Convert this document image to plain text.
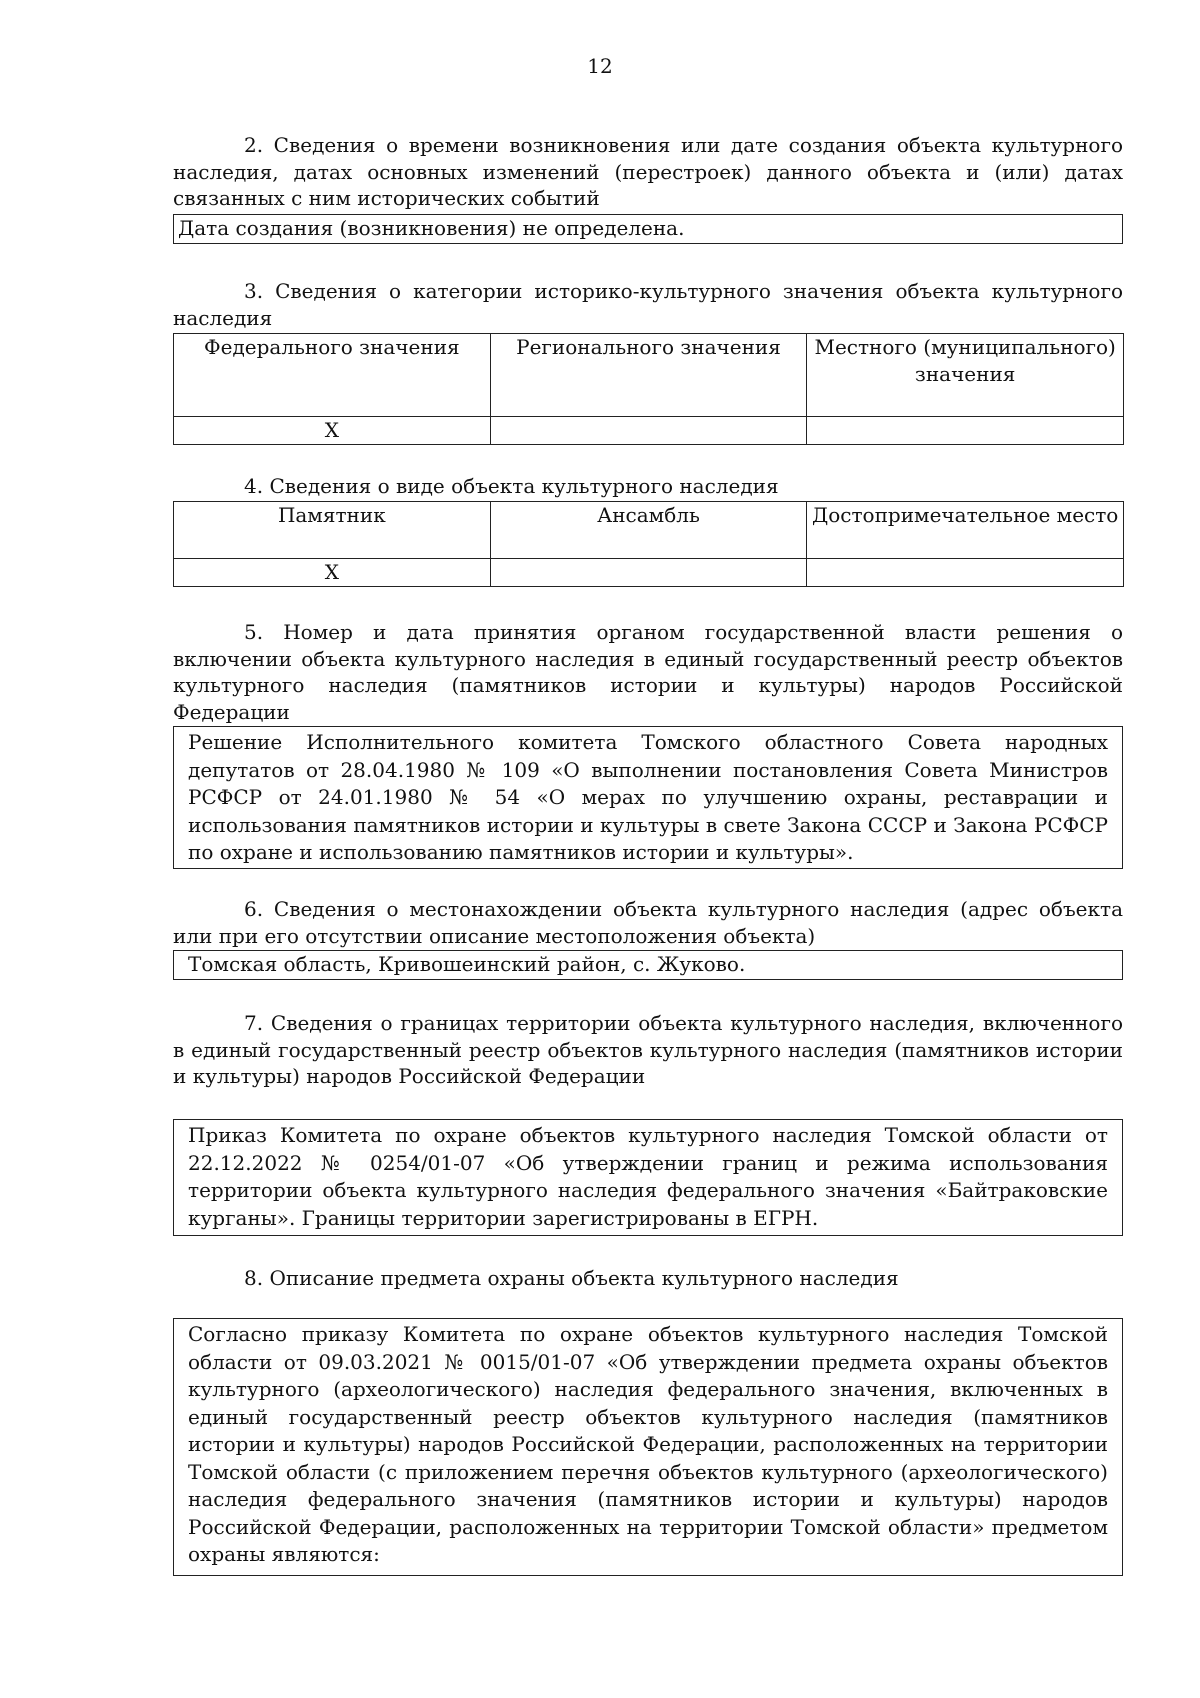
12

2. Сведения о времени возникновения или дате создания объекта культурного наследия, датах основных изменений (перестроек) данного объекта и (или) датах связанных с ним исторических событий

Дата создания (возникновения) не определена.

3. Сведения о категории историко-культурного значения объекта культурного наследия

Федерального значения	Регионального значения	Местного (муниципального) значения
X		

4. Сведения о виде объекта культурного наследия

Памятник	Ансамбль	Достопримечательное место
X		

5. Номер и дата принятия органом государственной власти решения о включении объекта культурного наследия в единый государственный реестр объектов культурного наследия (памятников истории и культуры) народов Российской Федерации

Решение Исполнительного комитета Томского областного Совета народных депутатов от 28.04.1980 № 109 «О выполнении постановления Совета Министров РСФСР от 24.01.1980 № 54 «О мерах по улучшению охраны, реставрации и использования памятников истории и культуры в свете Закона СССР и Закона РСФСР по охране и использованию памятников истории и культуры».

6. Сведения о местонахождении объекта культурного наследия (адрес объекта или при его отсутствии описание местоположения объекта)

Томская область, Кривошеинский район, с. Жуково.

7. Сведения о границах территории объекта культурного наследия, включенного в единый государственный реестр объектов культурного наследия (памятников истории и культуры) народов Российской Федерации

Приказ Комитета по охране объектов культурного наследия Томской области от 22.12.2022 № 0254/01-07 «Об утверждении границ и режима использования территории объекта культурного наследия федерального значения «Байтраковские курганы». Границы территории зарегистрированы в ЕГРН.

8. Описание предмета охраны объекта культурного наследия

Согласно приказу Комитета по охране объектов культурного наследия Томской области от 09.03.2021 № 0015/01-07 «Об утверждении предмета охраны объектов культурного (археологического) наследия федерального значения, включенных в единый государственный реестр объектов культурного наследия (памятников истории и культуры) народов Российской Федерации, расположенных на территории Томской области (с приложением перечня объектов культурного (археологического) наследия федерального значения (памятников истории и культуры) народов Российской Федерации, расположенных на территории Томской области» предметом охраны являются:
